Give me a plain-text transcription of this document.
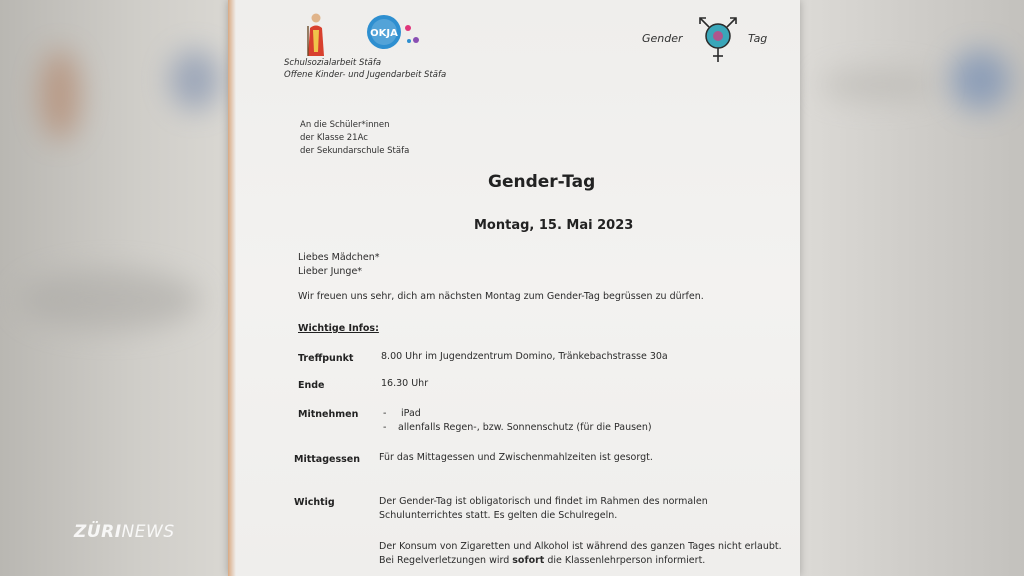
OKJA
Schulsozialarbeit Stäfa
Offene Kinder- und Jugendarbeit Stäfa
Gender	Tag
An die Schüler*innen
der Klasse 21Ac
der Sekundarschule Stäfa
Gender-Tag
Montag, 15. Mai 2023
Liebes Mädchen*
Lieber Junge*
Wir freuen uns sehr, dich am nächsten Montag zum Gender-Tag begrüssen zu dürfen.
Wichtige Infos:
Treffpunkt	8.00 Uhr im Jugendzentrum Domino, Tränkebachstrasse 30a
Ende	16.30 Uhr
Mitnehmen	- iPad
- allenfalls Regen-, bzw. Sonnenschutz (für die Pausen)
Mittagessen Für das Mittagessen und Zwischenmahlzeiten ist gesorgt.
Wichtig	Der Gender-Tag ist obligatorisch und findet im Rahmen des normalen
Schulunterrichtes statt. Es gelten die Schulregeln.
Der Konsum von Zigaretten und Alkohol ist während des ganzen Tages nicht erlaubt.
Bei Regelverletzungen wird sofort die Klassenlehrperson informiert.
ZÜRINEWS
